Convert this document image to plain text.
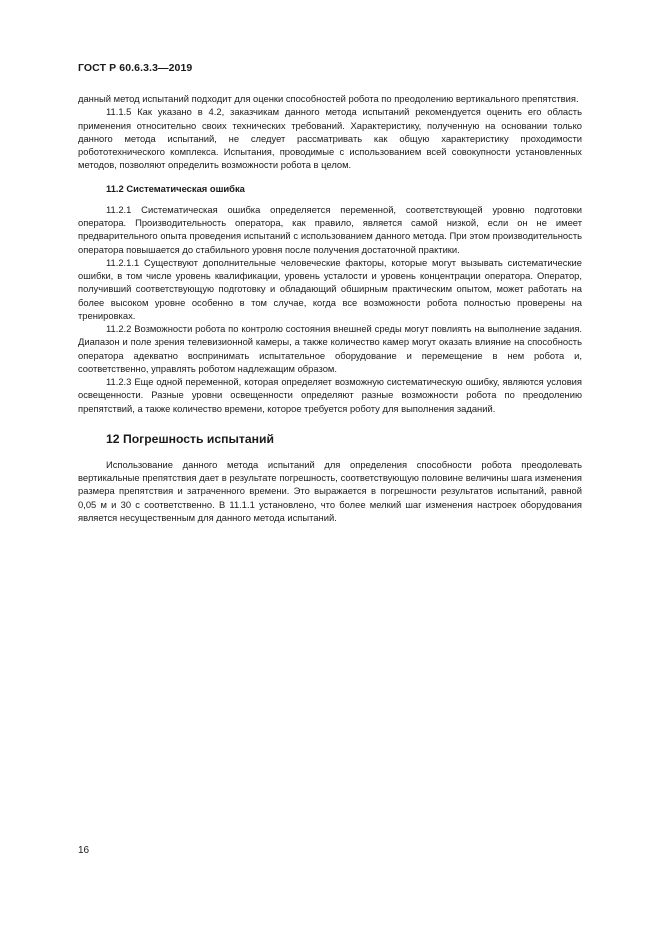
ГОСТ Р 60.6.3.3—2019

данный метод испытаний подходит для оценки способностей робота по преодолению вертикального препятствия.

11.1.5 Как указано в 4.2, заказчикам данного метода испытаний рекомендуется оценить его область применения относительно своих технических требований. Характеристику, полученную на основании только данного метода испытаний, не следует рассматривать как общую характеристику проходимости робототехнического комплекса. Испытания, проводимые с использованием всей совокупности установленных методов, позволяют определить возможности робота в целом.

11.2 Систематическая ошибка

11.2.1 Систематическая ошибка определяется переменной, соответствующей уровню подготовки оператора. Производительность оператора, как правило, является самой низкой, если он не имеет предварительного опыта проведения испытаний с использованием данного метода. При этом производительность оператора повышается до стабильного уровня после получения достаточной практики.

11.2.1.1 Существуют дополнительные человеческие факторы, которые могут вызывать систематические ошибки, в том числе уровень квалификации, уровень усталости и уровень концентрации оператора. Оператор, получивший соответствующую подготовку и обладающий обширным практическим опытом, может работать на более высоком уровне особенно в том случае, когда все возможности робота полностью проверены на тренировках.

11.2.2 Возможности робота по контролю состояния внешней среды могут повлиять на выполнение задания. Диапазон и поле зрения телевизионной камеры, а также количество камер могут оказать влияние на способность оператора адекватно воспринимать испытательное оборудование и перемещение в нем робота и, соответственно, управлять роботом надлежащим образом.

11.2.3 Еще одной переменной, которая определяет возможную систематическую ошибку, являются условия освещенности. Разные уровни освещенности определяют разные возможности робота по преодолению препятствий, а также количество времени, которое требуется роботу для выполнения заданий.

12 Погрешность испытаний

Использование данного метода испытаний для определения способности робота преодолевать вертикальные препятствия дает в результате погрешность, соответствующую половине величины шага изменения размера препятствия и затраченного времени. Это выражается в погрешности результатов испытаний, равной 0,05 м и 30 с соответственно. В 11.1.1 установлено, что более мелкий шаг изменения настроек оборудования является несущественным для данного метода испытаний.

16
